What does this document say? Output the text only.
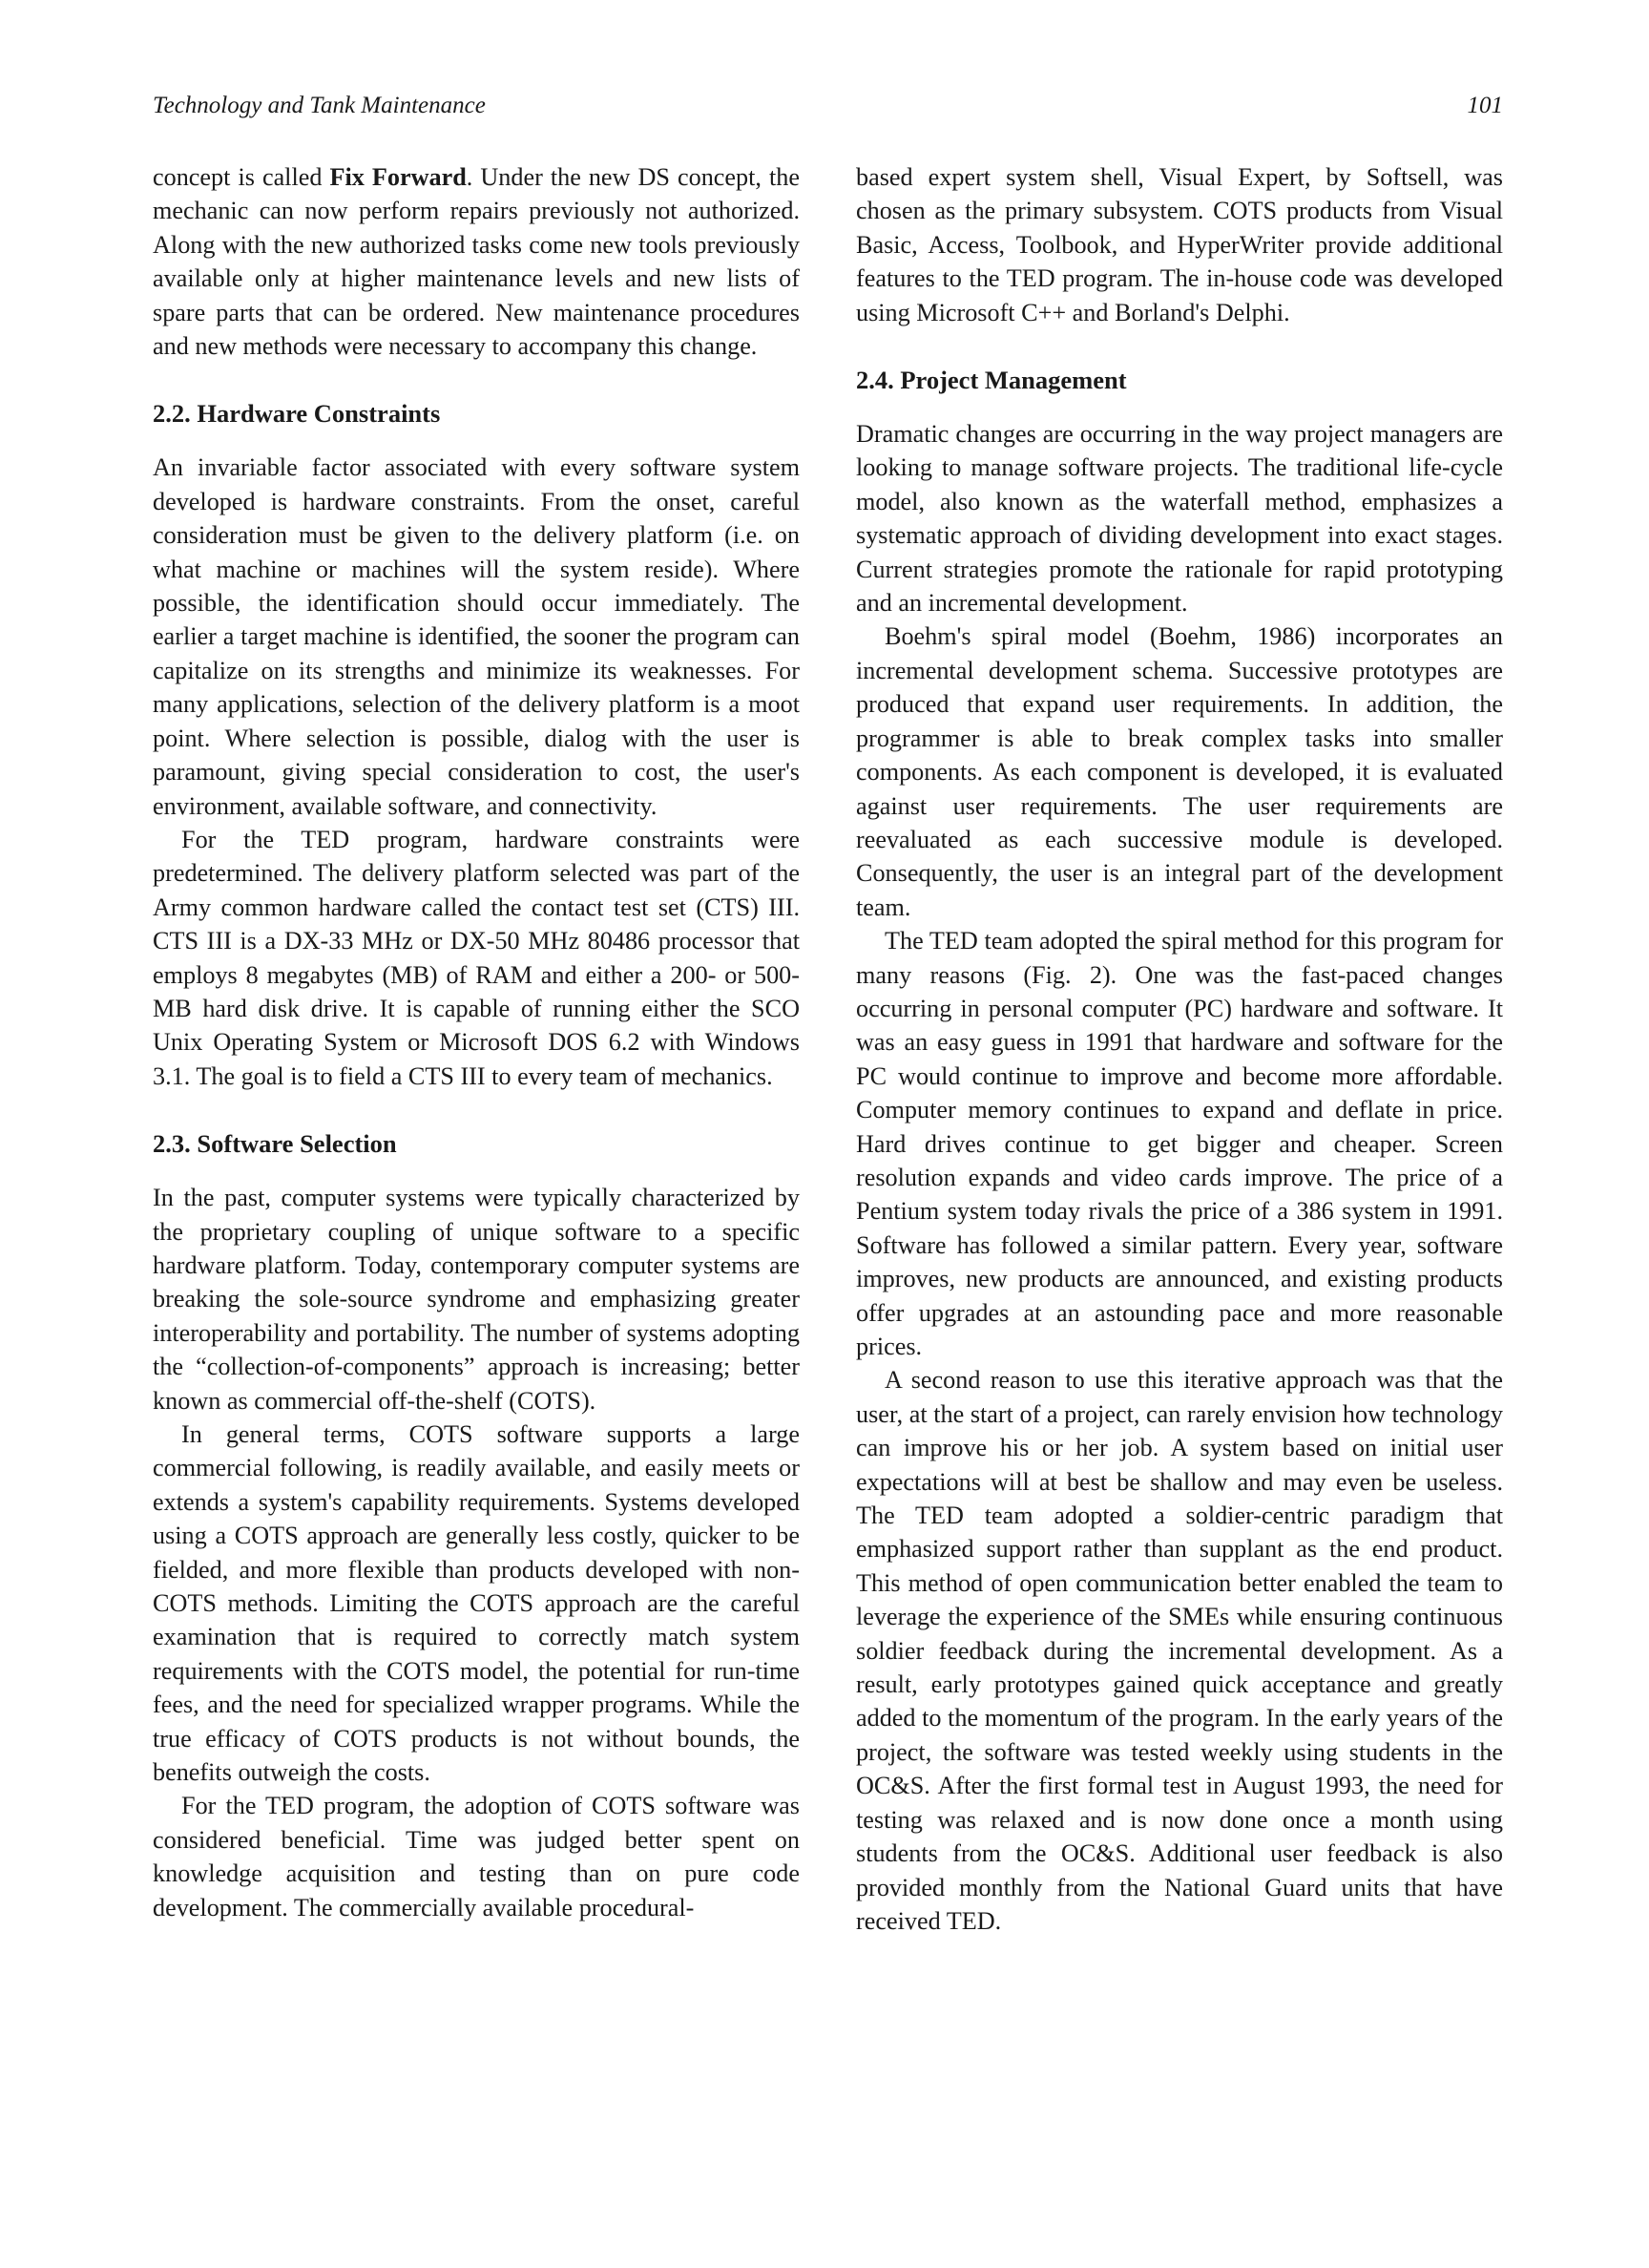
Technology and Tank Maintenance	101

concept is called Fix Forward. Under the new DS concept, the mechanic can now perform repairs previously not authorized. Along with the new authorized tasks come new tools previously available only at higher maintenance levels and new lists of spare parts that can be ordered. New maintenance procedures and new methods were necessary to accompany this change.

2.2. Hardware Constraints

An invariable factor associated with every software system developed is hardware constraints. From the onset, careful consideration must be given to the delivery platform (i.e. on what machine or machines will the system reside). Where possible, the identification should occur immediately. The earlier a target machine is identified, the sooner the program can capitalize on its strengths and minimize its weaknesses. For many applications, selection of the delivery platform is a moot point. Where selection is possible, dialog with the user is paramount, giving special consideration to cost, the user's environment, available software, and connectivity.

For the TED program, hardware constraints were predetermined. The delivery platform selected was part of the Army common hardware called the contact test set (CTS) III. CTS III is a DX-33 MHz or DX-50 MHz 80486 processor that employs 8 megabytes (MB) of RAM and either a 200- or 500-MB hard disk drive. It is capable of running either the SCO Unix Operating System or Microsoft DOS 6.2 with Windows 3.1. The goal is to field a CTS III to every team of mechanics.

2.3. Software Selection

In the past, computer systems were typically characterized by the proprietary coupling of unique software to a specific hardware platform. Today, contemporary computer systems are breaking the sole-source syndrome and emphasizing greater interoperability and portability. The number of systems adopting the “collection-of-components” approach is increasing; better known as commercial off-the-shelf (COTS).

In general terms, COTS software supports a large commercial following, is readily available, and easily meets or extends a system's capability requirements. Systems developed using a COTS approach are generally less costly, quicker to be fielded, and more flexible than products developed with non-COTS methods. Limiting the COTS approach are the careful examination that is required to correctly match system requirements with the COTS model, the potential for run-time fees, and the need for specialized wrapper programs. While the true efficacy of COTS products is not without bounds, the benefits outweigh the costs.

For the TED program, the adoption of COTS software was considered beneficial. Time was judged better spent on knowledge acquisition and testing than on pure code development. The commercially available procedural-

based expert system shell, Visual Expert, by Softsell, was chosen as the primary subsystem. COTS products from Visual Basic, Access, Toolbook, and HyperWriter provide additional features to the TED program. The in-house code was developed using Microsoft C++ and Borland's Delphi.

2.4. Project Management

Dramatic changes are occurring in the way project managers are looking to manage software projects. The traditional life-cycle model, also known as the waterfall method, emphasizes a systematic approach of dividing development into exact stages. Current strategies promote the rationale for rapid prototyping and an incremental development.

Boehm's spiral model (Boehm, 1986) incorporates an incremental development schema. Successive prototypes are produced that expand user requirements. In addition, the programmer is able to break complex tasks into smaller components. As each component is developed, it is evaluated against user requirements. The user requirements are reevaluated as each successive module is developed. Consequently, the user is an integral part of the development team.

The TED team adopted the spiral method for this program for many reasons (Fig. 2). One was the fast-paced changes occurring in personal computer (PC) hardware and software. It was an easy guess in 1991 that hardware and software for the PC would continue to improve and become more affordable. Computer memory continues to expand and deflate in price. Hard drives continue to get bigger and cheaper. Screen resolution expands and video cards improve. The price of a Pentium system today rivals the price of a 386 system in 1991. Software has followed a similar pattern. Every year, software improves, new products are announced, and existing products offer upgrades at an astounding pace and more reasonable prices.

A second reason to use this iterative approach was that the user, at the start of a project, can rarely envision how technology can improve his or her job. A system based on initial user expectations will at best be shallow and may even be useless. The TED team adopted a soldier-centric paradigm that emphasized support rather than supplant as the end product. This method of open communication better enabled the team to leverage the experience of the SMEs while ensuring continuous soldier feedback during the incremental development. As a result, early prototypes gained quick acceptance and greatly added to the momentum of the program. In the early years of the project, the software was tested weekly using students in the OC&S. After the first formal test in August 1993, the need for testing was relaxed and is now done once a month using students from the OC&S. Additional user feedback is also provided monthly from the National Guard units that have received TED.
